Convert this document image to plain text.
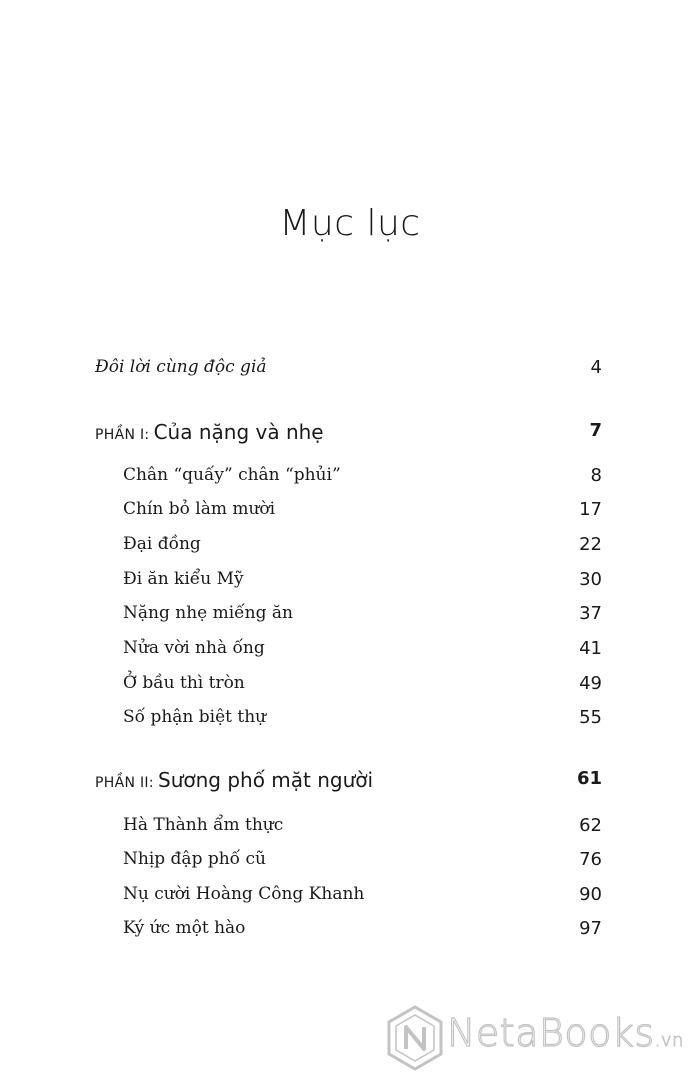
Mục lục
Đôi lời cùng độc giả	4
PHẦN I: Của nặng và nhẹ	7
Chân “quấy” chân “phủi”	8
Chín bỏ làm mười	17
Đại đồng	22
Đi ăn kiểu Mỹ	30
Nặng nhẹ miếng ăn	37
Nửa vời nhà ống	41
Ở bầu thì tròn	49
Số phận biệt thự	55
PHẦN II: Sương phố mặt người	61
Hà Thành ẩm thực	62
Nhịp đập phố cũ	76
Nụ cười Hoàng Công Khanh	90
Ký ức một hào	97
NetaBooks.vn
